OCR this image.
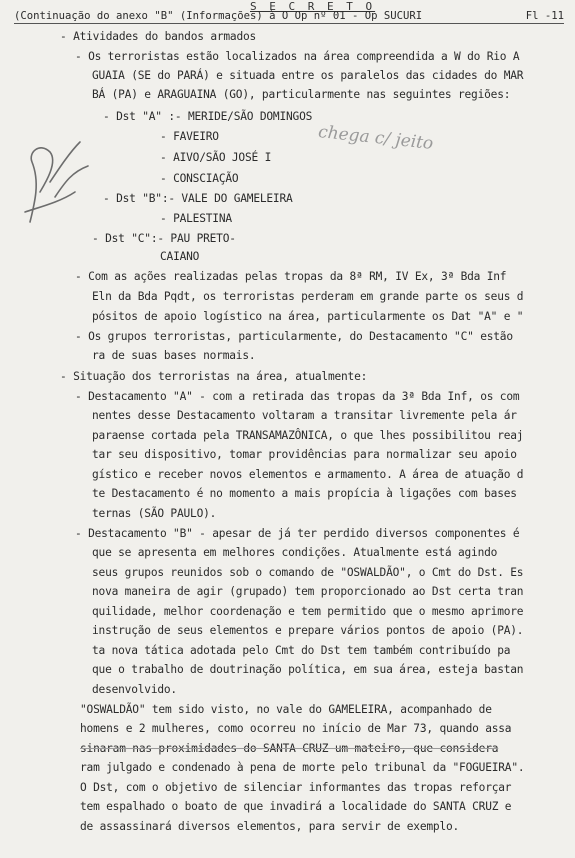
S E C R E T O
(Continuação do anexo "B" (Informações) à O Op nº 01 - Op SUCURI	Fl -11
chega c/ jeito
- Atividades do bandos armados
- Os terroristas estão localizados na área compreendida a W do Rio A
GUAIA (SE do PARÁ) e situada entre os paralelos das cidades do MAR
BÁ (PA) e ARAGUAINA (GO), particularmente nas seguintes regiões:
- Dst "A" :- MERIDE/SÃO DOMINGOS
- FAVEIRO
- AIVO/SÃO JOSÉ I
- CONSCIAÇÃO
- Dst "B":- VALE DO GAMELEIRA
- PALESTINA
- Dst "C":- PAU PRETO-
CAIANO
- Com as ações realizadas pelas tropas da 8ª RM, IV Ex, 3ª Bda Inf
Eln da Bda Pqdt, os terroristas perderam em grande parte os seus d
pósitos de apoio logístico na área, particularmente os Dat "A" e "
- Os grupos terroristas, particularmente, do Destacamento "C" estão
ra de suas bases normais.
- Situação dos terroristas na área, atualmente:
- Destacamento "A" - com a retirada das tropas da 3ª Bda Inf, os com
nentes desse Destacamento voltaram a transitar livremente pela ár
paraense cortada pela TRANSAMAZÔNICA, o que lhes possibilitou reaj
tar seu dispositivo, tomar providências para normalizar seu apoio
gístico e receber novos elementos e armamento. A área de atuação d
te Destacamento é no momento a mais propícia à ligações com bases
ternas (SÃO PAULO).
- Destacamento "B" - apesar de já ter perdido diversos componentes é
que se apresenta em melhores condições. Atualmente está agindo
seus grupos reunidos sob o comando de "OSWALDÃO", o Cmt do Dst. Es
nova maneira de agir (grupado) tem proporcionado ao Dst certa tran
quilidade, melhor coordenação e tem permitido que o mesmo aprimore
instrução de seus elementos e prepare vários pontos de apoio (PA).
ta nova tática adotada pelo Cmt do Dst tem também contribuído pa
que o trabalho de doutrinação política, em sua área, esteja bastan
desenvolvido.
"OSWALDÃO" tem sido visto, no vale do GAMELEIRA, acompanhado de
homens e 2 mulheres, como ocorreu no início de Mar 73, quando assa
sinaram nas proximidades do SANTA CRUZ um mateiro, que considera
ram julgado e condenado à pena de morte pelo tribunal da "FOGUEIRA".
O Dst, com o objetivo de silenciar informantes das tropas reforçar
tem espalhado o boato de que invadirá a localidade do SANTA CRUZ e
de assassinará diversos elementos, para servir de exemplo.
